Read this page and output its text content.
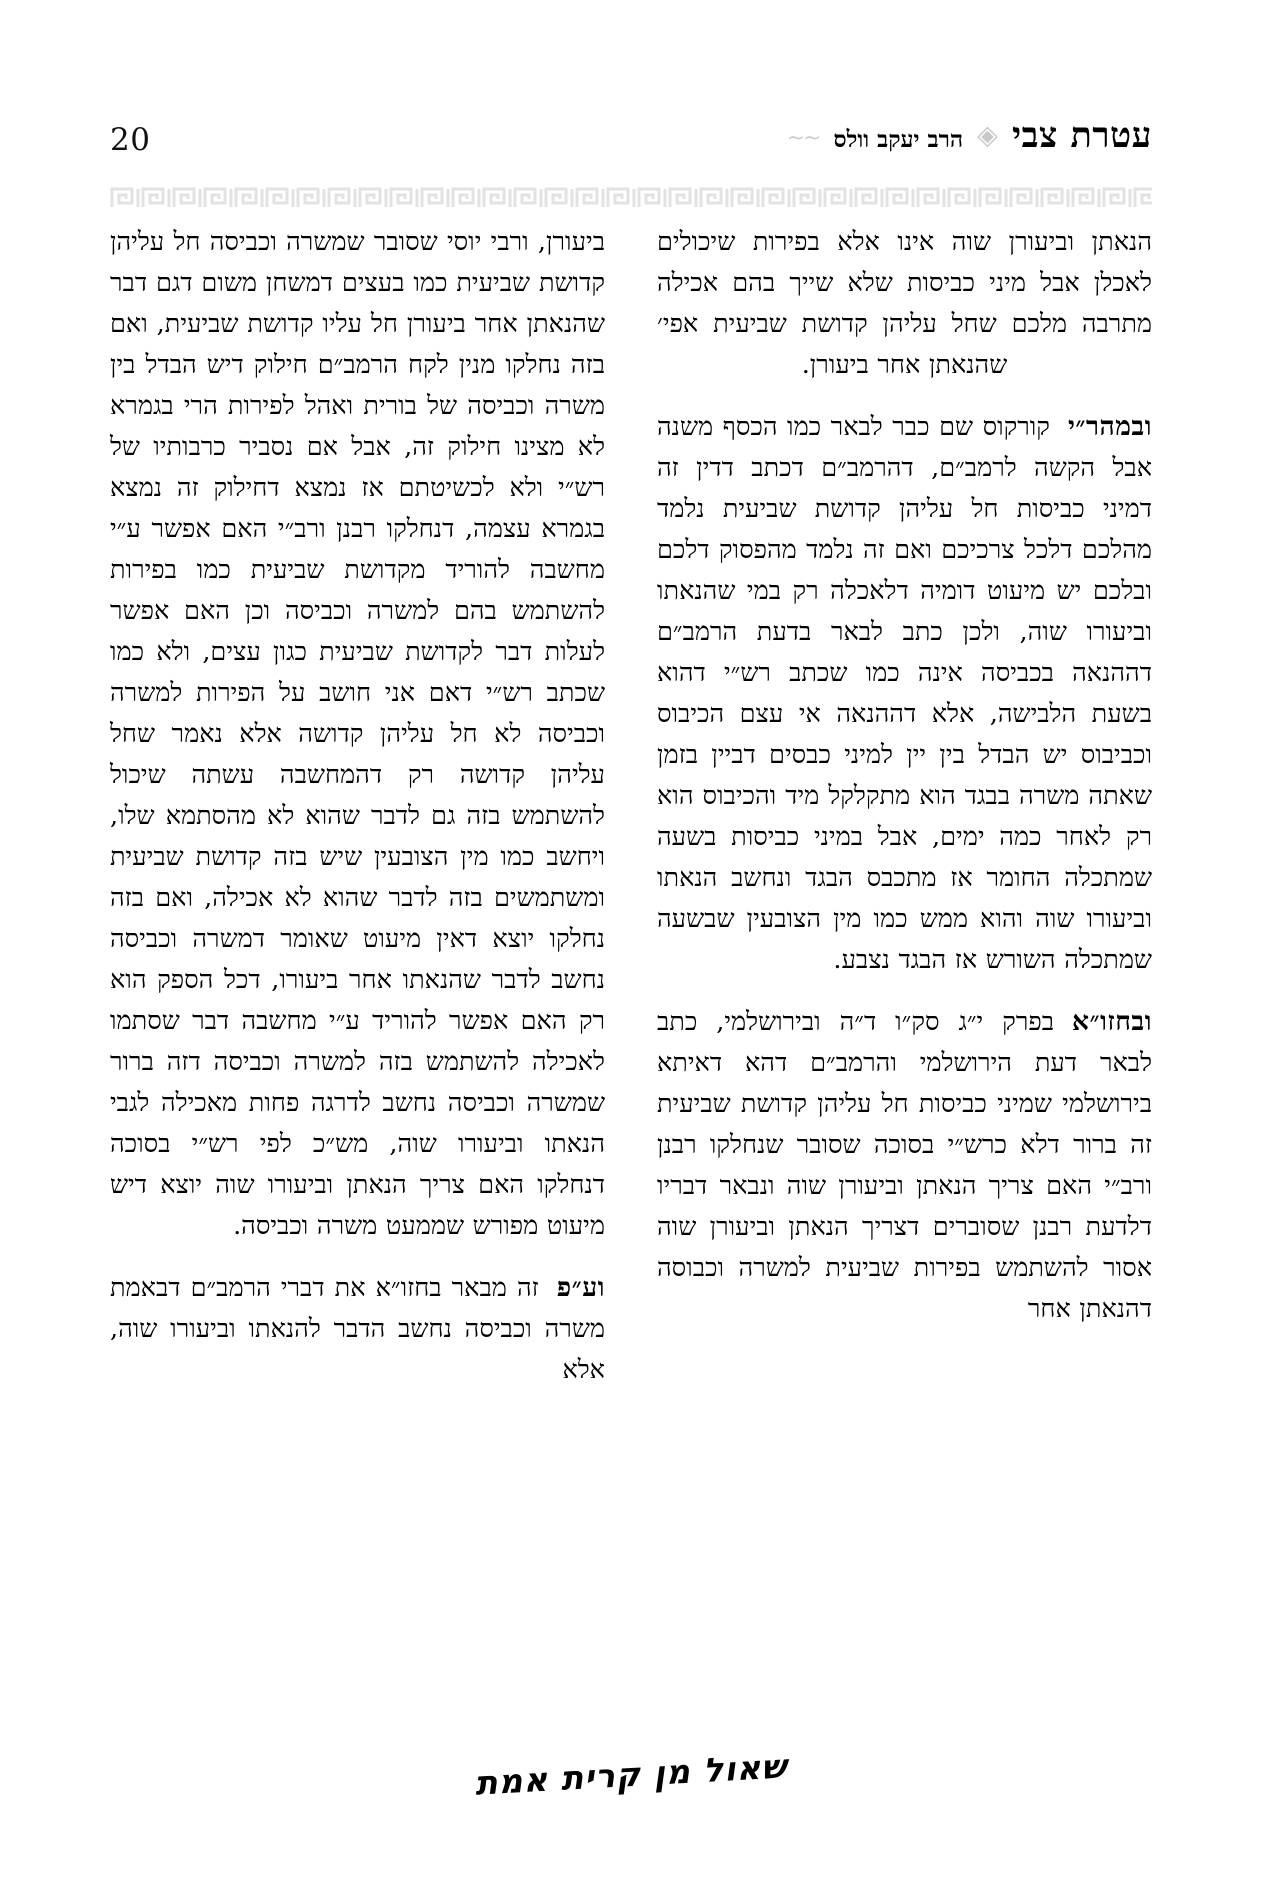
20	עטרת צבי
◈
הרב יעקב וולס
~~

הנאתן וביעורן שוה אינו אלא בפירות שיכולים לאכלן אבל מיני כביסות שלא שייך בהם אכילה מתרבה מלכם שחל עליהן קדושת שביעית אפי׳ שהנאתן אחר ביעורן.

ובמהר״יקורקוס שם כבר לבאר כמו הכסף משנה אבל הקשה לרמב״ם, דהרמב״ם דכתב דדין זה דמיני כביסות חל עליהן קדושת שביעית נלמד מהלכם דלכל צרכיכם ואם זה נלמד מהפסוק דלכם ובלכם יש מיעוט דומיה דלאכלה רק במי שהנאתו וביעורו שוה, ולכן כתב לבאר בדעת הרמב״ם דההנאה בכביסה אינה כמו שכתב רש״י דהוא בשעת הלבישה, אלא דההנאה אי עצם הכיבוס וכביבוס יש הבדל בין יין למיני כבסים דביין בזמן שאתה משרה בבגד הוא מתקלקל מיד והכיבוס הוא רק לאחר כמה ימים, אבל במיני כביסות בשעה שמתכלה החומר אז מתכבס הבגד ונחשב הנאתו וביעורו שוה והוא ממש כמו מין הצובעין שבשעה שמתכלה השורש אז הבגד נצבע.

ובחזו״אבפרק י״ג סק״ו ד״ה ובירושלמי, כתב לבאר דעת הירושלמי והרמב״ם דהא דאיתא בירושלמי שמיני כביסות חל עליהן קדושת שביעית זה ברור דלא כרש״י בסוכה שסובר שנחלקו רבנן ורב״י האם צריך הנאתן וביעורן שוה ונבאר דבריו דלדעת רבנן שסוברים דצריך הנאתן וביעורן שוה אסור להשתמש בפירות שביעית למשרה וכבוסה דהנאתן אחר

ביעורן, ורבי יוסי שסובר שמשרה וכביסה חל עליהן קדושת שביעית כמו בעצים דמשחן משום דגם דבר שהנאתן אחר ביעורן חל עליו קדושת שביעית, ואם בזה נחלקו מנין לקח הרמב״ם חילוק דיש הבדל בין משרה וכביסה של בורית ואהל לפירות הרי בגמרא לא מצינו חילוק זה, אבל אם נסביר כרבותיו של רש״י ולא לכשיטתם אז נמצא דחילוק זה נמצא בגמרא עצמה, דנחלקו רבנן ורב״י האם אפשר ע״י מחשבה להוריד מקדושת שביעית כמו בפירות להשתמש בהם למשרה וכביסה וכן האם אפשר לעלות דבר לקדושת שביעית כגון עצים, ולא כמו שכתב רש״י דאם אני חושב על הפירות למשרה וכביסה לא חל עליהן קדושה אלא נאמר שחל עליהן קדושה רק דהמחשבה עשתה שיכול להשתמש בזה גם לדבר שהוא לא מהסתמא שלו, ויחשב כמו מין הצובעין שיש בזה קדושת שביעית ומשתמשים בזה לדבר שהוא לא אכילה, ואם בזה נחלקו יוצא דאין מיעוט שאומר דמשרה וכביסה נחשב לדבר שהנאתו אחר ביעורו, דכל הספק הוא רק האם אפשר להוריד ע״י מחשבה דבר שסתמו לאכילה להשתמש בזה למשרה וכביסה דזה ברור שמשרה וכביסה נחשב לדרגה פחות מאכילה לגבי הנאתו וביעורו שוה, מש״כ לפי רש״י בסוכה דנחלקו האם צריך הנאתן וביעורו שוה יוצא דיש מיעוט מפורש שממעט משרה וכביסה.

וע״פזה מבאר בחזו״א את דברי הרמב״ם דבאמת משרה וכביסה נחשב הדבר להנאתו וביעורו שוה, אלא

שאול מן קרית אמת
